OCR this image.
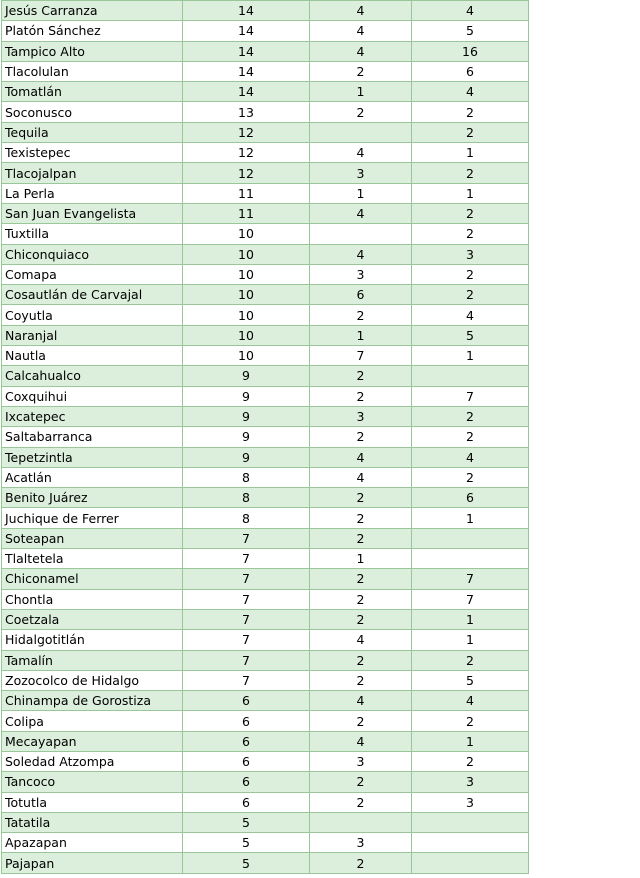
Jesús Carranza	14	4	4
Platón Sánchez	14	4	5
Tampico Alto	14	4	16
Tlacolulan	14	2	6
Tomatlán	14	1	4
Soconusco	13	2	2
Tequila	12		2
Texistepec	12	4	1
Tlacojalpan	12	3	2
La Perla	11	1	1
San Juan Evangelista	11	4	2
Tuxtilla	10		2
Chiconquiaco	10	4	3
Comapa	10	3	2
Cosautlán de Carvajal	10	6	2
Coyutla	10	2	4
Naranjal	10	1	5
Nautla	10	7	1
Calcahualco	9	2	
Coxquihui	9	2	7
Ixcatepec	9	3	2
Saltabarranca	9	2	2
Tepetzintla	9	4	4
Acatlán	8	4	2
Benito Juárez	8	2	6
Juchique de Ferrer	8	2	1
Soteapan	7	2	
Tlaltetela	7	1	
Chiconamel	7	2	7
Chontla	7	2	7
Coetzala	7	2	1
Hidalgotitlán	7	4	1
Tamalín	7	2	2
Zozocolco de Hidalgo	7	2	5
Chinampa de Gorostiza	6	4	4
Colipa	6	2	2
Mecayapan	6	4	1
Soledad Atzompa	6	3	2
Tancoco	6	2	3
Totutla	6	2	3
Tatatila	5		
Apazapan	5	3	
Pajapan	5	2	
